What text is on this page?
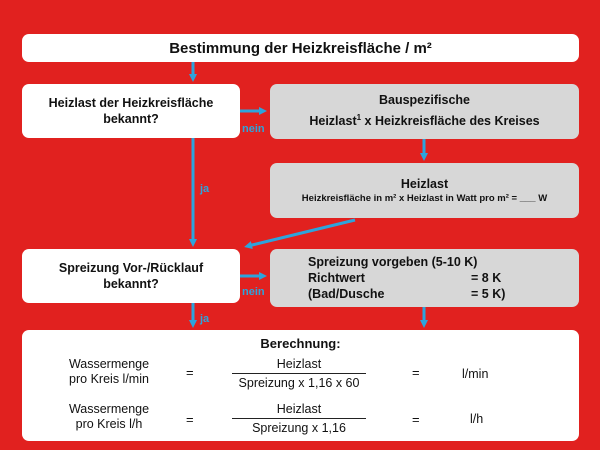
nein
ja
nein
ja
Bestimmung der Heizkreisfläche / m²
Heizlast der Heizkreisfläche
bekannt?
Bauspezifische
Heizlast$^1$ x Heizkreisfläche des Kreises
Heizlast
Heizkreisfläche in m² x Heizlast in Watt pro m² = ___ W
Spreizung Vor-/Rücklauf
bekannt?
Spreizung vorgeben (5-10 K)
Richtwert	= 8 K
(Bad/Dusche	= 5 K)
Berechnung:
Wassermenge
pro Kreis l/min	=
Heizlast
Spreizung x 1,16 x 60
=	l/min
Wassermenge
pro Kreis l/h	=
Heizlast
Spreizung x 1,16
=	l/h
